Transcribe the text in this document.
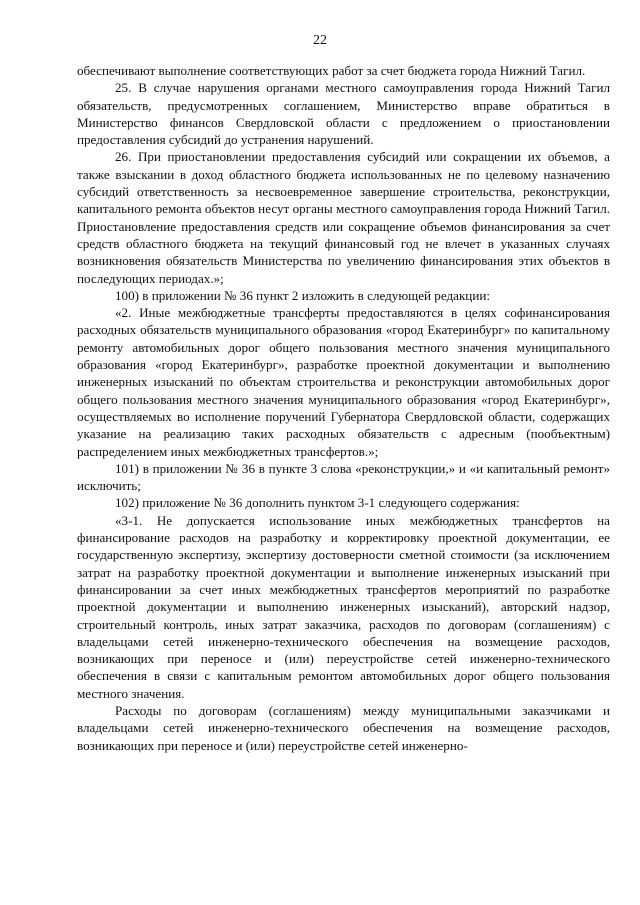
22

обеспечивают выполнение соответствующих работ за счет бюджета города Нижний Тагил.

25. В случае нарушения органами местного самоуправления города Нижний Тагил обязательств, предусмотренных соглашением, Министерство вправе обратиться в Министерство финансов Свердловской области с предложением о приостановлении предоставления субсидий до устранения нарушений.

26. При приостановлении предоставления субсидий или сокращении их объемов, а также взыскании в доход областного бюджета использованных не по целевому назначению субсидий ответственность за несвоевременное завершение строительства, реконструкции, капитального ремонта объектов несут органы местного самоуправления города Нижний Тагил. Приостановление предоставления средств или сокращение объемов финансирования за счет средств областного бюджета на текущий финансовый год не влечет в указанных случаях возникновения обязательств Министерства по увеличению финансирования этих объектов в последующих периодах.»;

100) в приложении № 36 пункт 2 изложить в следующей редакции:

«2. Иные межбюджетные трансферты предоставляются в целях софинансирования расходных обязательств муниципального образования «город Екатеринбург» по капитальному ремонту автомобильных дорог общего пользования местного значения муниципального образования «город Екатеринбург», разработке проектной документации и выполнению инженерных изысканий по объектам строительства и реконструкции автомобильных дорог общего пользования местного значения муниципального образования «город Екатеринбург», осуществляемых во исполнение поручений Губернатора Свердловской области, содержащих указание на реализацию таких расходных обязательств с адресным (пообъектным) распределением иных межбюджетных трансфертов.»;

101) в приложении № 36 в пункте 3 слова «реконструкции,» и «и капитальный ремонт» исключить;

102) приложение № 36 дополнить пунктом 3-1 следующего содержания:

«3-1. Не допускается использование иных межбюджетных трансфертов на финансирование расходов на разработку и корректировку проектной документации, ее государственную экспертизу, экспертизу достоверности сметной стоимости (за исключением затрат на разработку проектной документации и выполнение инженерных изысканий при финансировании за счет иных межбюджетных трансфертов мероприятий по разработке проектной документации и выполнению инженерных изысканий), авторский надзор, строительный контроль, иных затрат заказчика, расходов по договорам (соглашениям) с владельцами сетей инженерно-технического обеспечения на возмещение расходов, возникающих при переносе и (или) переустройстве сетей инженерно-технического обеспечения в связи с капитальным ремонтом автомобильных дорог общего пользования местного значения.

Расходы по договорам (соглашениям) между муниципальными заказчиками и владельцами сетей инженерно-технического обеспечения на возмещение расходов, возникающих при переносе и (или) переустройстве сетей инженерно-
